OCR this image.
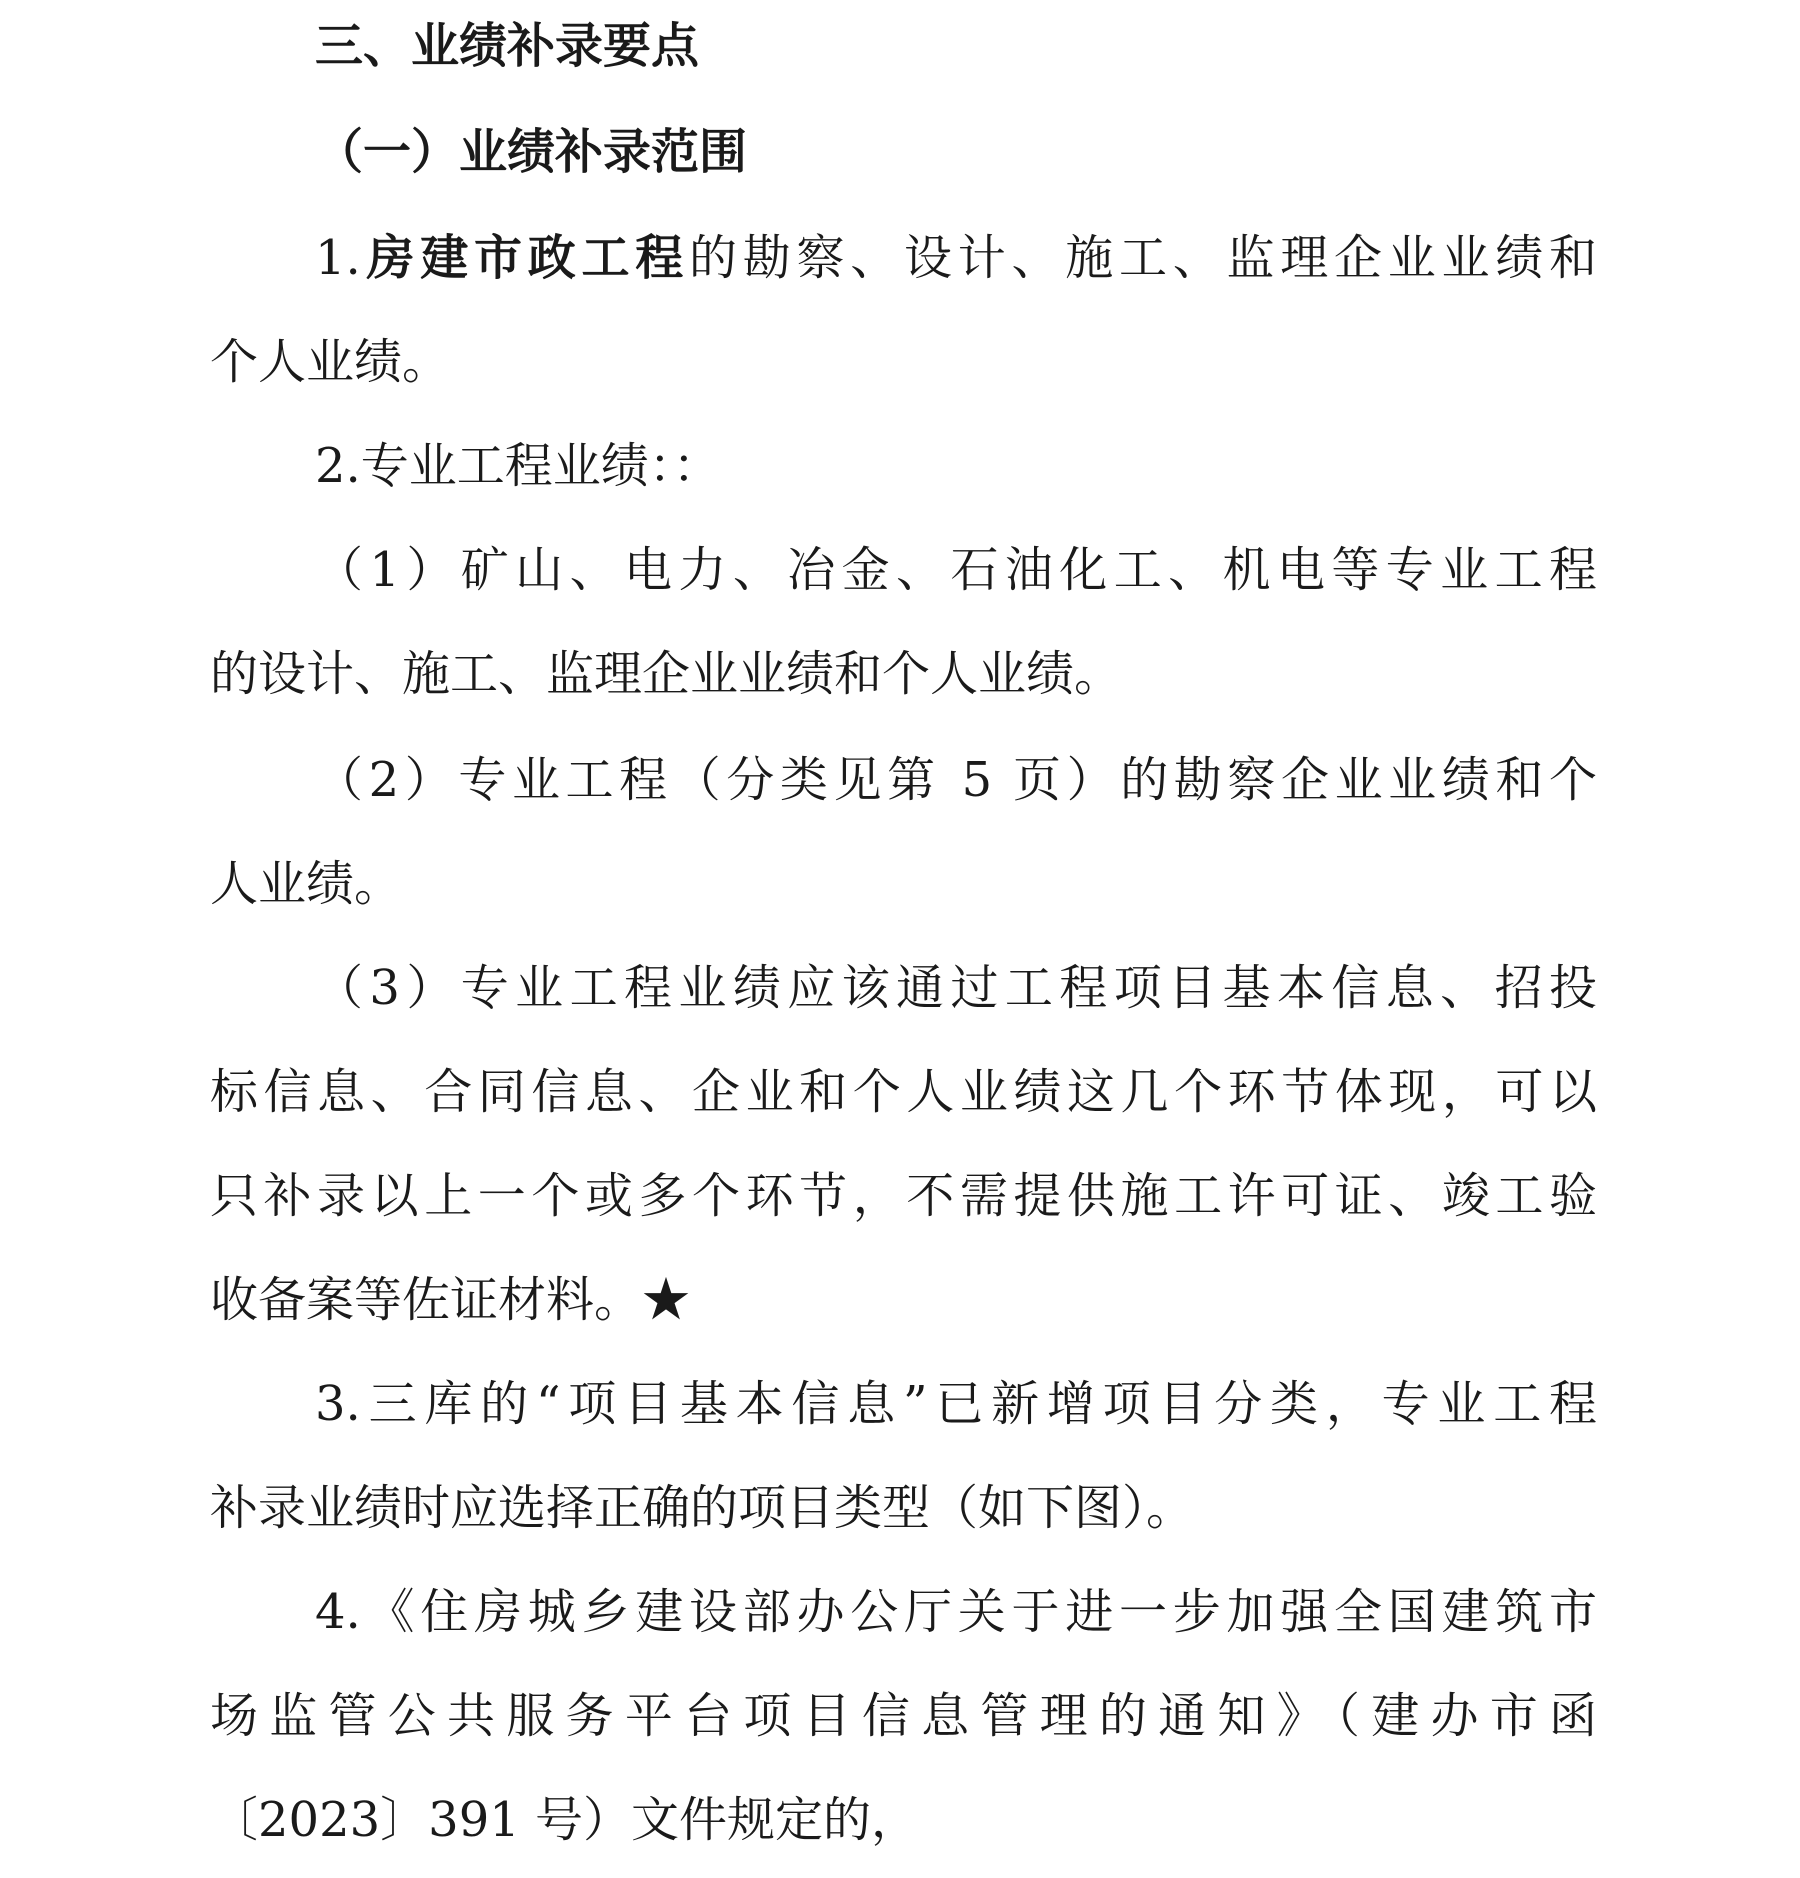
三、业绩补录要点

（一）业绩补录范围

1.房建市政工程的勘察、设计、施工、监理企业业绩和

个人业绩。

2.专业工程业绩：：

（1）矿山、电力、冶金、石油化工、机电等专业工程

的设计、施工、监理企业业绩和个人业绩。

（2）专业工程（分类见第 5 页）的勘察企业业绩和个

人业绩。

（3）专业工程业绩应该通过工程项目基本信息、招投

标信息、合同信息、企业和个人业绩这几个环节体现，可以

只补录以上一个或多个环节，不需提供施工许可证、竣工验

收备案等佐证材料。★

3.三库的“项目基本信息”已新增项目分类，专业工程

补录业绩时应选择正确的项目类型（如下图）。

4.《住房城乡建设部办公厅关于进一步加强全国建筑市

场监管公共服务平台项目信息管理的通知》（建办市函

〔2023〕391 号）文件规定的，
